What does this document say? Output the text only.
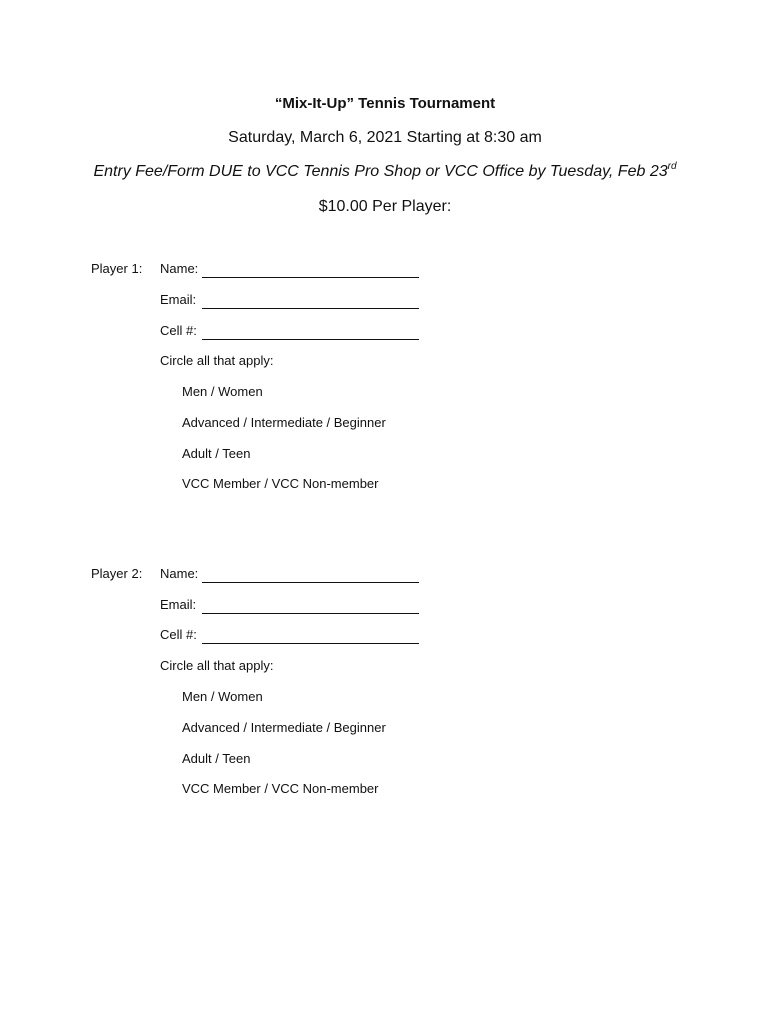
“Mix-It-Up” Tennis Tournament
Saturday, March 6, 2021 Starting at 8:30 am
Entry Fee/Form DUE to VCC Tennis Pro Shop or VCC Office by Tuesday, Feb 23rd
$10.00 Per Player:
Player 1: Name:
Email:
Cell #:
Circle all that apply:
Men / Women
Advanced / Intermediate / Beginner
Adult / Teen
VCC Member / VCC Non-member
Player 2: Name:
Email:
Cell #:
Circle all that apply:
Men / Women
Advanced / Intermediate / Beginner
Adult / Teen
VCC Member / VCC Non-member
